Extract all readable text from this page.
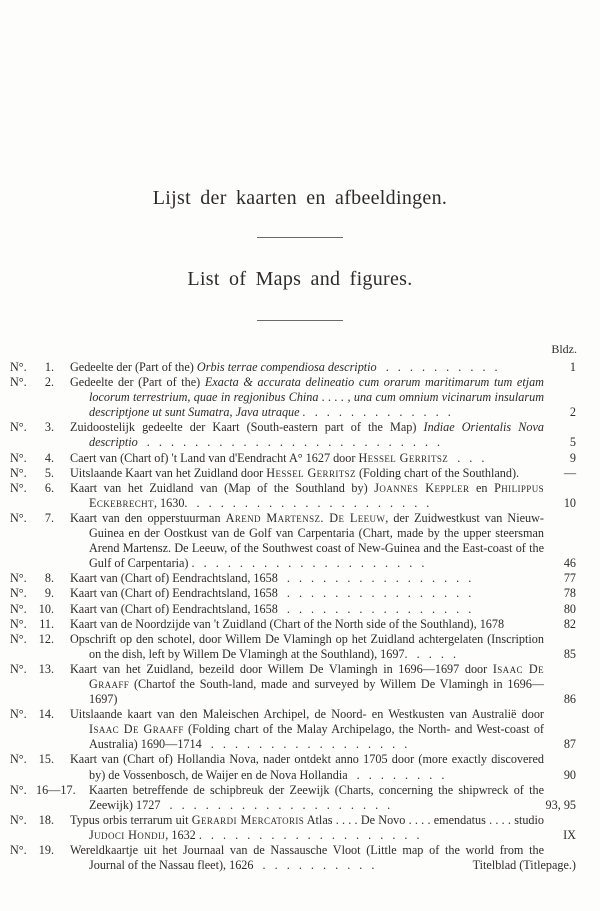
Lijst der kaarten en afbeeldingen.
List of Maps and figures.
Bldz.
N°.	1. Gedeelte der (Part of the) Orbis terrae compendiosa descriptio . . . . . . . . . .	1
N°.	2. Gedeelte der (Part of the) Exacta & accurata delineatio cum orarum maritimarum tum etjam locorum terrestrium, quae in regjonibus China . . . . , una cum omnium vicinarum insularum descriptjone ut sunt Sumatra, Java utraque . . . . . . . . . . . . .	2
N°.	3. Zuidoostelijk gedeelte der Kaart (South-eastern part of the Map) Indiae Orientalis Nova descriptio . . . . . . . . . . . . . . . . . . . . . . . . .	5
N°.	4. Caert van (Chart of) 't Land van d'Eendracht A° 1627 door Hessel Gerritsz . . .	9
N°.	5. Uitslaande Kaart van het Zuidland door Hessel Gerritsz (Folding chart of the Southland).	—
N°.	6. Kaart van het Zuidland van (Map of the Southland by) Joannes Keppler en Philippus Eckebrecht, 1630. . . . . . . . . . . . . . . . . . . . .	10
N°.	7. Kaart van den opperstuurman Arend Martensz. De Leeuw, der Zuidwestkust van Nieuw-Guinea en der Oostkust van de Golf van Carpentaria (Chart, made by the upper steersman Arend Martensz. De Leeuw, of the Southwest coast of New-Guinea and the East-coast of the Gulf of Carpentaria) . . . . . . . . . . . . . . . . . . . .	46
N°.	8. Kaart van (Chart of) Eendrachtsland, 1658 . . . . . . . . . . . . . . . .	77
N°.	9. Kaart van (Chart of) Eendrachtsland, 1658 . . . . . . . . . . . . . . . .	78
N°. 10. Kaart van (Chart of) Eendrachtsland, 1658 . . . . . . . . . . . . . . . .	80
N°. 11. Kaart van de Noordzijde van 't Zuidland (Chart of the North side of the Southland), 1678	82
N°. 12. Opschrift op den schotel, door Willem De Vlamingh op het Zuidland achtergelaten (Inscription on the dish, left by Willem De Vlamingh at the Southland), 1697. . . . .	85
N°. 13. Kaart van het Zuidland, bezeild door Willem De Vlamingh in 1696—1697 door Isaac De Graaff (Chartof the South-land, made and surveyed by Willem De Vlamingh in 1696—1697)	86
N°. 14. Uitslaande kaart van den Maleischen Archipel, de Noord- en Westkusten van Australië door Isaac De Graaff (Folding chart of the Malay Archipelago, the North- and West-coast of Australia) 1690—1714 . . . . . . . . . . . . . . . . .	87
N°. 15. Kaart van (Chart of) Hollandia Nova, nader ontdekt anno 1705 door (more exactly discovered by) de Vossenbosch, de Waijer en de Nova Hollandia . . . . . . . .	90
N°. 16—17. Kaarten betreffende de schipbreuk der Zeewijk (Charts, concerning the shipwreck of the Zeewijk) 1727 . . . . . . . . . . . . . . . . . . .	93, 95
N°. 18. Typus orbis terrarum uit Gerardi Mercatoris Atlas . . . . De Novo . . . . emendatus . . . . studio Judoci Hondij, 1632 . . . . . . . . . . . . . . . . . . .	IX
N°. 19. Wereldkaartje uit het Journaal van de Nassausche Vloot (Little map of the world from the Journal of the Nassau fleet), 1626 . . . . . . . . . .	Titelblad (Titlepage.)
